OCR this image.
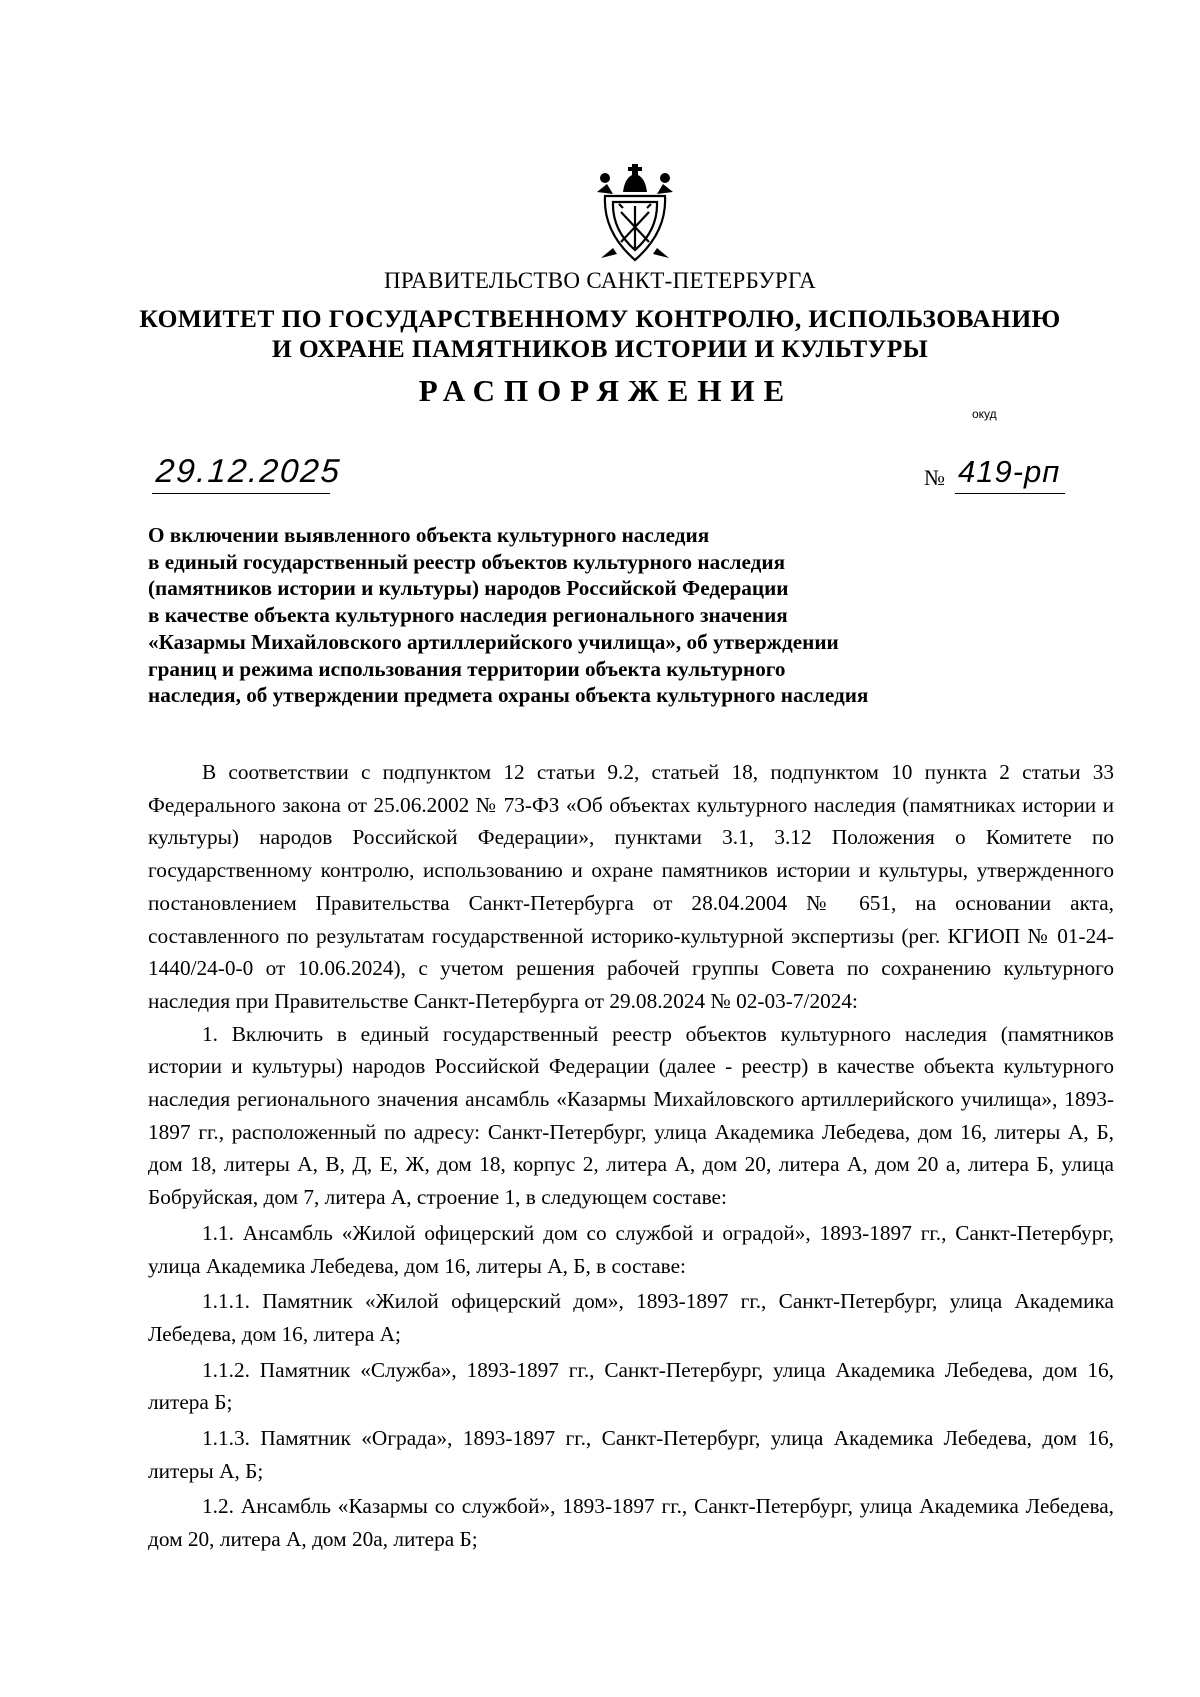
ПРАВИТЕЛЬСТВО САНКТ-ПЕТЕРБУРГА
КОМИТЕТ ПО ГОСУДАРСТВЕННОМУ КОНТРОЛЮ, ИСПОЛЬЗОВАНИЮ
И ОХРАНЕ ПАМЯТНИКОВ ИСТОРИИ И КУЛЬТУРЫ
РАСПОРЯЖЕНИЕ
окуд
29.12.2025	№ 419-рп
О включении выявленного объекта культурного наследия
в единый государственный реестр объектов культурного наследия
(памятников истории и культуры) народов Российской Федерации
в качестве объекта культурного наследия регионального значения
«Казармы Михайловского артиллерийского училища», об утверждении
границ и режима использования территории объекта культурного
наследия, об утверждении предмета охраны объекта культурного наследия

В соответствии с подпунктом 12 статьи 9.2, статьей 18, подпунктом 10 пункта 2 статьи 33 Федерального закона от 25.06.2002 № 73-ФЗ «Об объектах культурного наследия (памятниках истории и культуры) народов Российской Федерации», пунктами 3.1, 3.12 Положения о Комитете по государственному контролю, использованию и охране памятников истории и культуры, утвержденного постановлением Правительства Санкт-Петербурга от 28.04.2004 № 651, на основании акта, составленного по результатам государственной историко-культурной экспертизы (рег. КГИОП № 01-24-1440/24-0-0 от 10.06.2024), с учетом решения рабочей группы Совета по сохранению культурного наследия при Правительстве Санкт-Петербурга от 29.08.2024 № 02-03-7/2024:

1. Включить в единый государственный реестр объектов культурного наследия (памятников истории и культуры) народов Российской Федерации (далее - реестр) в качестве объекта культурного наследия регионального значения ансамбль «Казармы Михайловского артиллерийского училища», 1893-1897 гг., расположенный по адресу: Санкт-Петербург, улица Академика Лебедева, дом 16, литеры А, Б, дом 18, литеры А, В, Д, Е, Ж, дом 18, корпус 2, литера А, дом 20, литера А, дом 20 а, литера Б, улица Бобруйская, дом 7, литера А, строение 1, в следующем составе:

1.1. Ансамбль «Жилой офицерский дом со службой и оградой», 1893-1897 гг., Санкт-Петербург, улица Академика Лебедева, дом 16, литеры А, Б, в составе:

1.1.1. Памятник «Жилой офицерский дом», 1893-1897 гг., Санкт-Петербург, улица Академика Лебедева, дом 16, литера А;

1.1.2. Памятник «Служба», 1893-1897 гг., Санкт-Петербург, улица Академика Лебедева, дом 16, литера Б;

1.1.3. Памятник «Ограда», 1893-1897 гг., Санкт-Петербург, улица Академика Лебедева, дом 16, литеры А, Б;

1.2. Ансамбль «Казармы со службой», 1893-1897 гг., Санкт-Петербург, улица Академика Лебедева, дом 20, литера А, дом 20а, литера Б;
